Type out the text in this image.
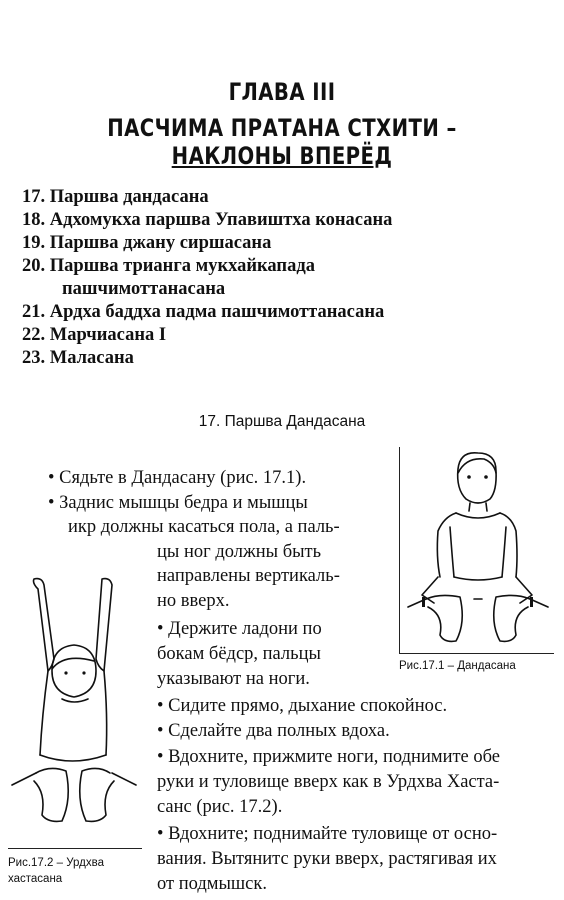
ГЛАВА III
ПАСЧИМА ПРАТАНА СТХИТИ – НАКЛОНЫ ВПЕРЁД
17. Паршва дандасана
18. Адхомукха паршва Упавиштха конасана
19. Паршва джану сиршасана
20. Паршва трианга мукхайкапада
пашчимоттанасана
21. Ардха баддха падма пашчимоттанасана
22. Марчиасана I
23. Маласана
17. Паршва Дандасана
• Сядьте в Дандасану (рис. 17.1).
• Заднис мышцы бедра и мышцы
икр должны касаться пола, а паль-
цы ног должны быть
направлены вертикаль-
но вверх.
• Держите ладони по
бокам бёдср, пальцы
указывают на ноги.
• Сидите прямо, дыхание спокойнос.
• Сделайте два полных вдоха.
• Вдохните, прижмите ноги, поднимите обе
руки и туловище вверх как в Урдхва Хаста-
санс (рис. 17.2).
• Вдохните; поднимайте туловище от осно-
вания. Вытянитс руки вверх, растягивая их
от подмышск.
Рис.17.1 – Дандасана
Рис.17.2 – Урдхва
хастасана
